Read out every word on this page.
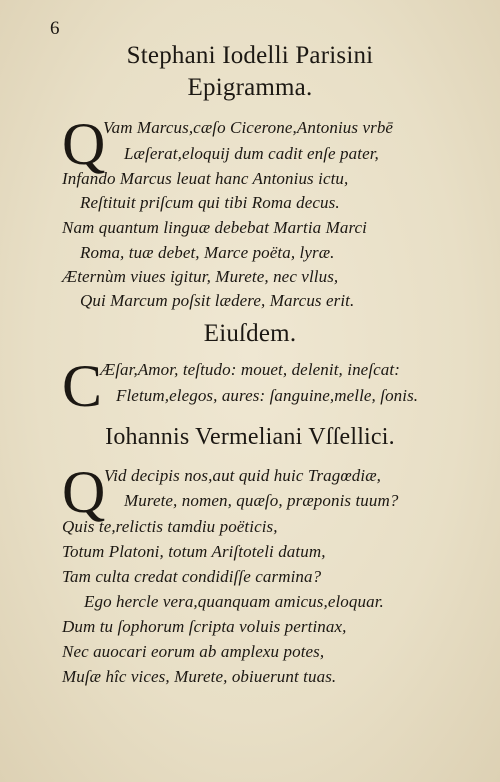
6
Stephani Iodelli Parisini
Epigramma.
Q
Vam Marcus,cæſo Cicerone,Antonius vrbē
Læſerat,eloquij dum cadit enſe pater,
Infando Marcus leuat hanc Antonius ictu,
Reſtituit priſcum qui tibi Roma decus.
Nam quantum linguæ debebat Martia Marci
Roma, tuæ debet, Marce poëta, lyræ.
Æternùm viues igitur, Murete, nec vllus,
Qui Marcum poſsit lædere, Marcus erit.
Eiuſdem.
C
Æſar,Amor, teſtudo: mouet, delenit, ineſcat:
Fletum,elegos, aures: ſanguine,melle, ſonis.
Iohannis Vermeliani Vſſellici.
Q
Vid decipis nos,aut quid huic Tragœdiæ,
Murete, nomen, quæſo, præponis tuum?
Quis te,relictis tamdiu poëticis,
Totum Platoni, totum Ariſtoteli datum,
Tam culta credat condidiſſe carmina?
Ego hercle vera,quanquam amicus,eloquar.
Dum tu ſophorum ſcripta voluis pertinax,
Nec auocari eorum ab amplexu potes,
Muſæ hîc vices, Murete, obiuerunt tuas.
